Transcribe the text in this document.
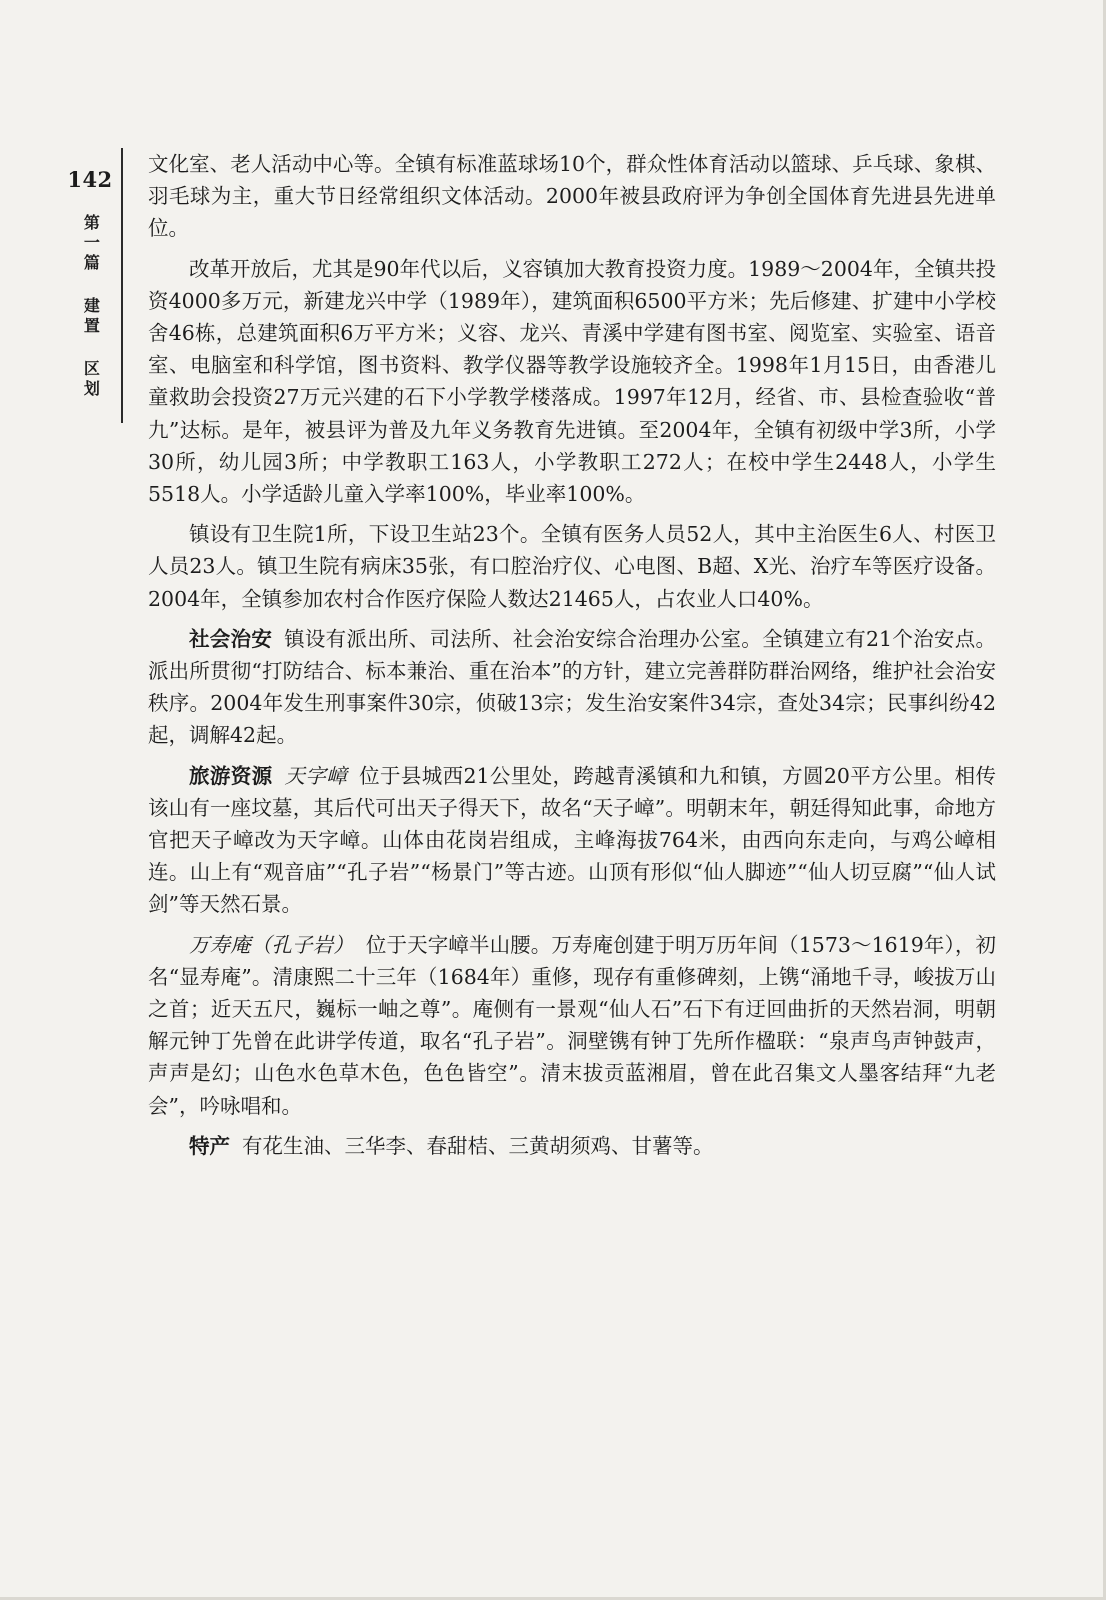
142
第一篇 建置 区划

文化室、老人活动中心等。全镇有标准蓝球场10个，群众性体育活动以篮球、乒乓球、象棋、羽毛球为主，重大节日经常组织文体活动。2000年被县政府评为争创全国体育先进县先进单位。

改革开放后，尤其是90年代以后，义容镇加大教育投资力度。1989～2004年，全镇共投资4000多万元，新建龙兴中学（1989年），建筑面积6500平方米；先后修建、扩建中小学校舍46栋，总建筑面积6万平方米；义容、龙兴、青溪中学建有图书室、阅览室、实验室、语音室、电脑室和科学馆，图书资料、教学仪器等教学设施较齐全。1998年1月15日，由香港儿童救助会投资27万元兴建的石下小学教学楼落成。1997年12月，经省、市、县检查验收“普九”达标。是年，被县评为普及九年义务教育先进镇。至2004年，全镇有初级中学3所，小学30所，幼儿园3所；中学教职工163人，小学教职工272人；在校中学生2448人，小学生5518人。小学适龄儿童入学率100%，毕业率100%。

镇设有卫生院1所，下设卫生站23个。全镇有医务人员52人，其中主治医生6人、村医卫人员23人。镇卫生院有病床35张，有口腔治疗仪、心电图、B超、X光、治疗车等医疗设备。2004年，全镇参加农村合作医疗保险人数达21465人，占农业人口40%。

社会治安 镇设有派出所、司法所、社会治安综合治理办公室。全镇建立有21个治安点。派出所贯彻“打防结合、标本兼治、重在治本”的方针，建立完善群防群治网络，维护社会治安秩序。2004年发生刑事案件30宗，侦破13宗；发生治安案件34宗，查处34宗；民事纠纷42起，调解42起。

旅游资源 天字嶂 位于县城西21公里处，跨越青溪镇和九和镇，方圆20平方公里。相传该山有一座坟墓，其后代可出天子得天下，故名“天子嶂”。明朝末年，朝廷得知此事，命地方官把天子嶂改为天字嶂。山体由花岗岩组成，主峰海拔764米，由西向东走向，与鸡公嶂相连。山上有“观音庙”“孔子岩”“杨景门”等古迹。山顶有形似“仙人脚迹”“仙人切豆腐”“仙人试剑”等天然石景。

万寿庵（孔子岩） 位于天字嶂半山腰。万寿庵创建于明万历年间（1573～1619年），初名“显寿庵”。清康熙二十三年（1684年）重修，现存有重修碑刻，上镌“涌地千寻，峻拔万山之首；近天五尺，巍标一岫之尊”。庵侧有一景观“仙人石”石下有迂回曲折的天然岩洞，明朝解元钟丁先曾在此讲学传道，取名“孔子岩”。洞壁镌有钟丁先所作楹联：“泉声鸟声钟鼓声，声声是幻；山色水色草木色，色色皆空”。清末拔贡蓝湘眉，曾在此召集文人墨客结拜“九老会”，吟咏唱和。

特产 有花生油、三华李、春甜桔、三黄胡须鸡、甘薯等。
